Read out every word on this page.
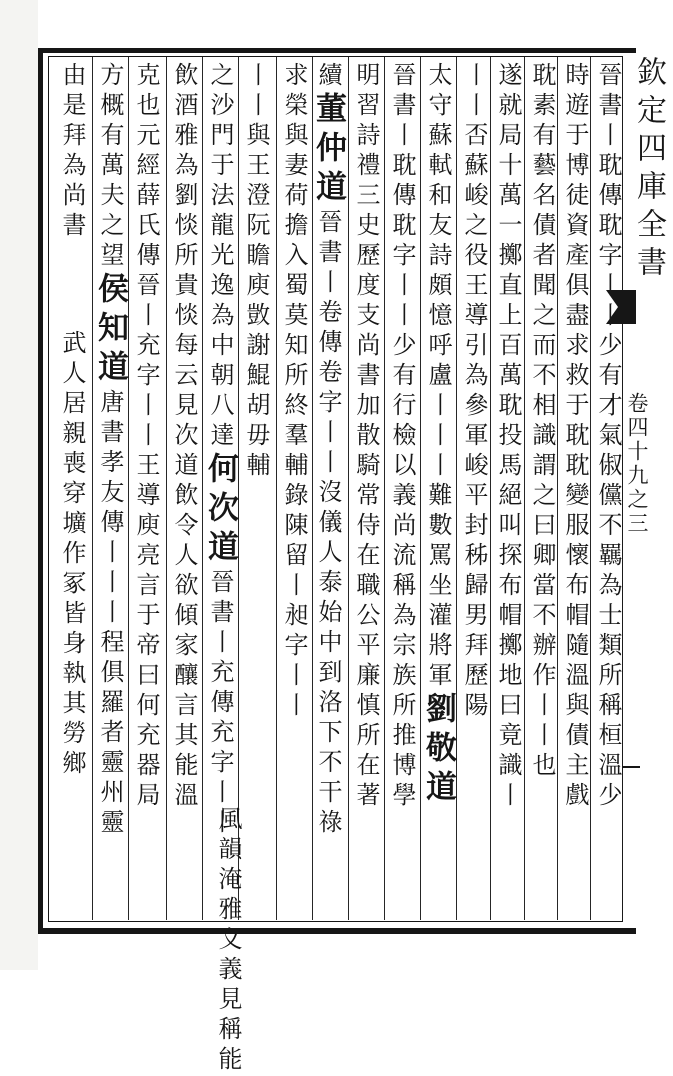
欽定四庫全書
卷四十九之三
晉書丨耽傳耽字丨丨少有才氣俶儻不羈為士類所稱桓溫少
時遊于博徒資產俱盡求救于耽耽變服懷布帽隨溫與債主戲
耽素有藝名債者聞之而不相識謂之曰卿當不辦作丨丨也
遂就局十萬一擲直上百萬耽投馬絕叫探布帽擲地曰竟識丨
丨丨否蘇峻之役王導引為參軍峻平封秭歸男拜歷陽
太守蘇軾和友詩頗憶呼盧丨丨丨難數罵坐灌將軍劉敬道
晉書丨耽傳耽字丨丨少有行檢以義尚流稱為宗族所推博學
明習詩禮三史歷度支尚書加散騎常侍在職公平廉慎所在著
續董仲道晉書丨卷傳卷字丨丨沒儀人泰始中到洛下不干祿
求榮與妻荷擔入蜀莫知所終羣輔錄陳留丨昶字丨丨
丨丨與王澄阮瞻庾敳謝鯤胡毋輔
之沙門于法龍光逸為中朝八達何次道晉書丨充傳充字丨丨
風韻淹雅文義見稱能
飲酒雅為劉惔所貴惔每云見次道飲令人欲傾家釀言其能溫
克也元經薛氏傳晉丨充字丨丨王導庾亮言于帝曰何充器局
方概有萬夫之望侯知道唐書孝友傳丨丨丨程俱羅者靈州靈
由是拜為尚書
武人居親喪穿壙作冢皆身執其勞鄉
